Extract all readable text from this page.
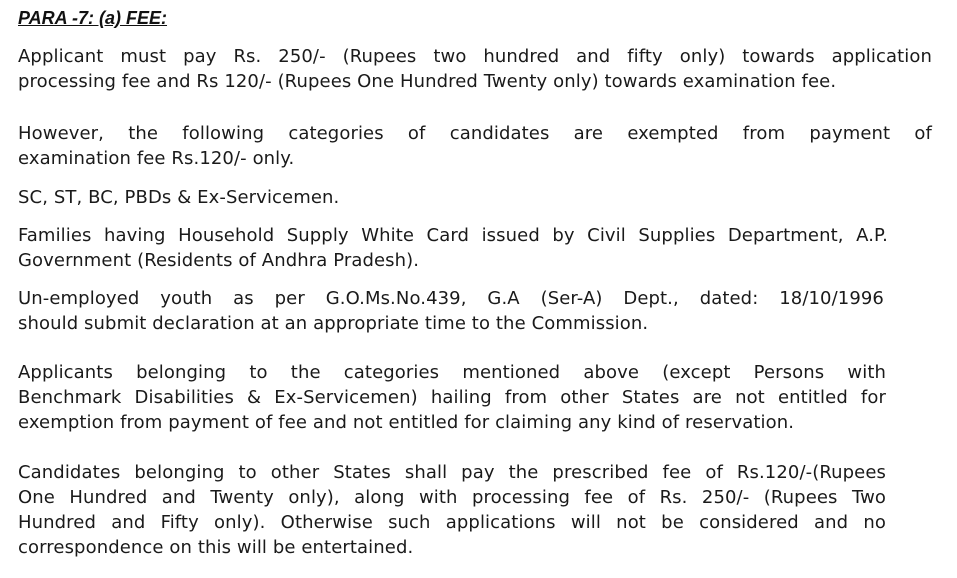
PARA -7: (a) FEE:
Applicant must pay Rs. 250/- (Rupees two hundred and fifty only) towards application
processing fee and Rs 120/- (Rupees One Hundred Twenty only) towards examination fee.
However, the following categories of candidates are exempted from payment of
examination fee Rs.120/- only.
SC, ST, BC, PBDs & Ex-Servicemen.
Families having Household Supply White Card issued by Civil Supplies Department, A.P.
Government (Residents of Andhra Pradesh).
Un-employed youth as per G.O.Ms.No.439, G.A (Ser-A) Dept., dated: 18/10/1996
should submit declaration at an appropriate time to the Commission.
Applicants belonging to the categories mentioned above (except Persons with
Benchmark Disabilities & Ex-Servicemen) hailing from other States are not entitled for
exemption from payment of fee and not entitled for claiming any kind of reservation.
Candidates belonging to other States shall pay the prescribed fee of Rs.120/-(Rupees
One Hundred and Twenty only), along with processing fee of Rs. 250/- (Rupees Two
Hundred and Fifty only). Otherwise such applications will not be considered and no
correspondence on this will be entertained.
